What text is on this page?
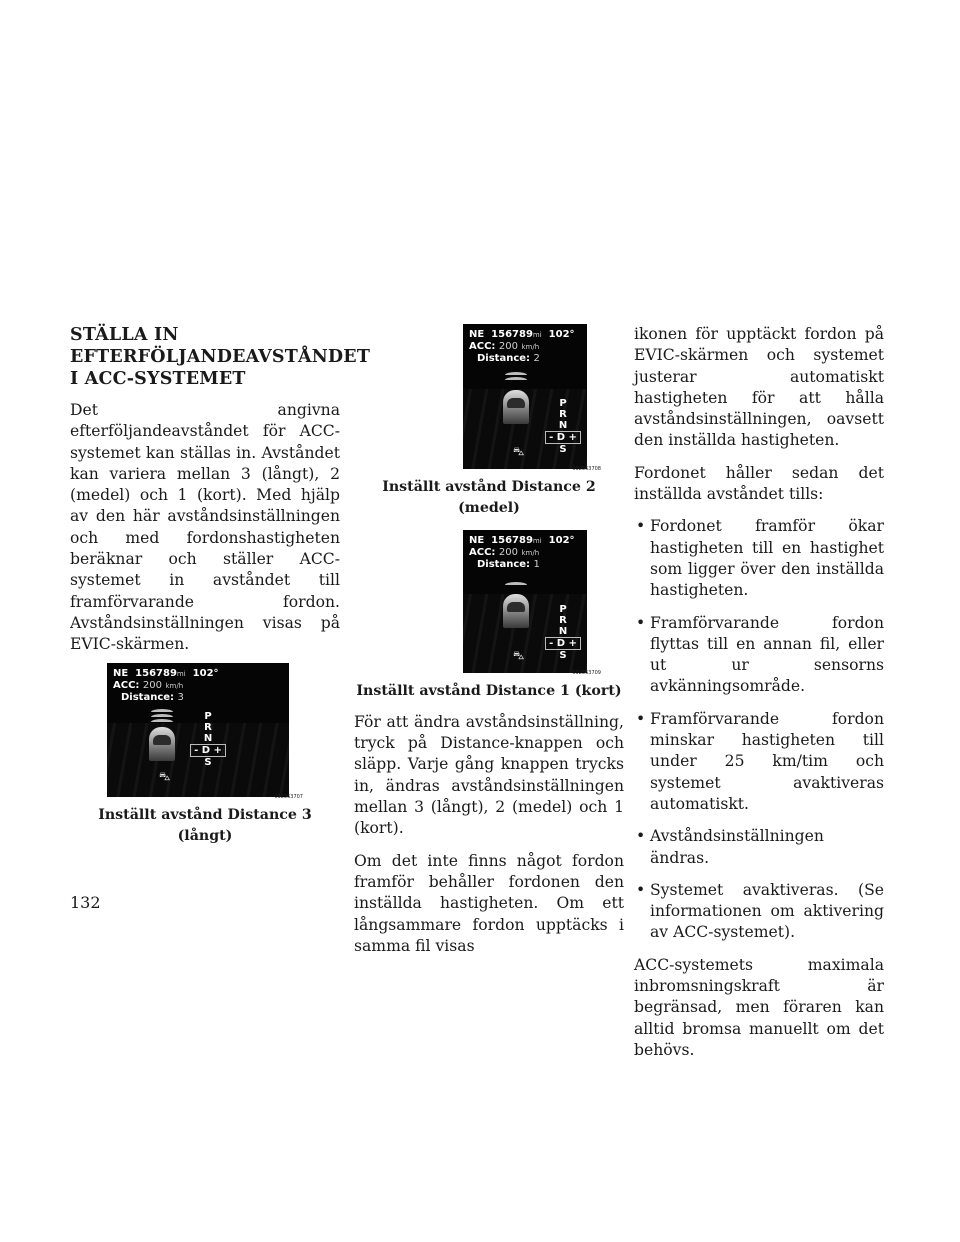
STÄLLA IN
EFTERFÖLJANDEAVSTÅNDET
I ACC-SYSTEMET

Det angivna efterföljandeavståndet för ACC-systemet kan ställas in. Avståndet kan variera mellan 3 (långt), 2 (medel) och 1 (kort). Med hjälp av den här avståndsinställningen och med fordonshastigheten beräknar och ställer ACC-systemet in avståndet till framförvarande fordon. Avståndsinställningen visas på EVIC-skärmen.

NE 156789mi 102°
ACC: 200 km/h
Distance: 3
P
R
N
- D +
S
⛍
032363707
Inställt avstånd Distance 3 (långt)
NE 156789mi 102°
ACC: 200 km/h
Distance: 2
P
R
N
- D +
S
⛍
032363708
Inställt avstånd Distance 2 (medel)
NE 156789mi 102°
ACC: 200 km/h
Distance: 1
P
R
N
- D +
S
⛍
032363709
Inställt avstånd Distance 1 (kort)

För att ändra avståndsinställning, tryck på Distance-knappen och släpp. Varje gång knappen trycks in, ändras avståndsinställningen mellan 3 (långt), 2 (medel) och 1 (kort).

Om det inte finns något fordon framför behåller fordonen den inställda hastigheten. Om ett långsammare fordon upptäcks i samma fil visas

ikonen för upptäckt fordon på EVIC-skärmen och systemet justerar automatiskt hastigheten för att hålla avståndsinställningen, oavsett den inställda hastigheten.

Fordonet håller sedan det inställda avståndet tills:

• Fordonet framför ökar hastigheten till en hastighet som ligger över den inställda hastigheten.
• Framförvarande fordon flyttas till en annan fil, eller ut ur sensorns avkänningsområde.
• Framförvarande fordon minskar hastigheten till under 25 km/tim och systemet avaktiveras automatiskt.
• Avståndsinställningen ändras.
• Systemet avaktiveras. (Se informationen om aktivering av ACC-systemet).

ACC-systemets maximala inbromsningskraft är begränsad, men föraren kan alltid bromsa manuellt om det behövs.

132
